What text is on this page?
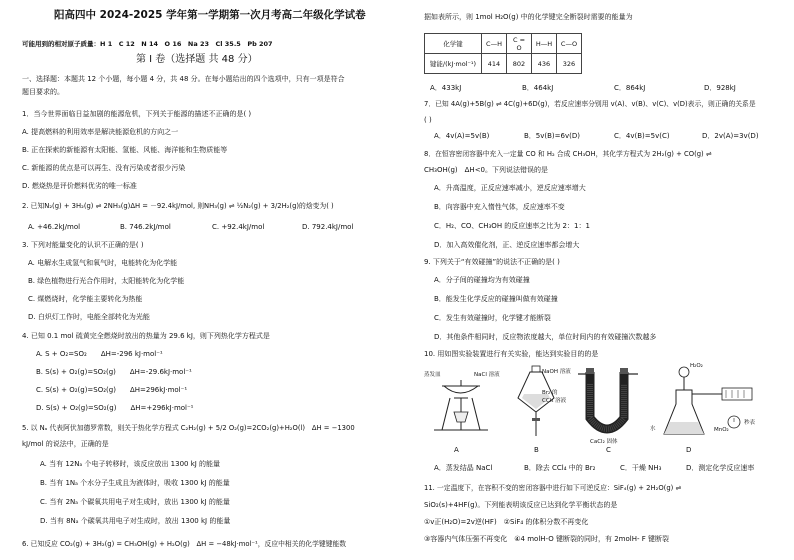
阳高四中 2024-2025 学年第一学期第一次月考高二年级化学试卷
可能用到的相对原子质量：H 1　C 12　N 14　O 16　Na 23　Cl 35.5　Pb 207
第 Ⅰ 卷（选择题 共 48 分）
一、选择题：本题共 12 个小题，每小题 4 分，共 48 分。在每小题给出的四个选项中，只有一项是符合
题目要求的。
1．当今世界面临日益加剧的能源危机，下列关于能源的描述不正确的是( )
A. 提高燃料的利用效率是解决能源危机的方向之一
B. 正在探索的新能源有太阳能、氢能、风能、海洋能和生物质能等
C. 新能源的优点是可以再生、没有污染或者很少污染
D. 燃烧热是评价燃料优劣的唯一标准
2. 已知N₂(g) + 3H₂(g) ⇌ 2NH₃(g)ΔH = －92.4kJ/mol, 则NH₃(g) ⇌ ½N₂(g) + 3/2H₂(g)的焓变为( )
A. +46.2kJ/mol	B. 746.2kJ/mol	C. +92.4kJ/mol	D. 792.4kJ/mol
3. 下列对能量变化的认识不正确的是( )
A. 电解水生成氢气和氧气时，电能转化为化学能
B. 绿色植物进行光合作用时，太阳能转化为化学能
C. 煤燃烧时，化学能主要转化为热能
D. 白炽灯工作时，电能全部转化为光能
4. 已知 0.1 mol 硫黄完全燃烧时放出的热量为 29.6 kJ，则下列热化学方程式是
A. S + O₂=SO₂　　ΔH=-296 kJ·mol⁻¹
B. S(s) + O₂(g)=SO₂(g)　　ΔH=-29.6kJ·mol⁻¹
C. S(s) + O₂(g)=SO₂(g)　　ΔH=296kJ·mol⁻¹
D. S(s) + O₂(g)=SO₂(g)　　ΔH=+296kJ·mol⁻¹
5. 以 Nₐ 代表阿伏加德罗常数，则关于热化学方程式 C₂H₂(g) + 5/2 O₂(g)=2CO₂(g)+H₂O(l)　ΔH = −1300
kJ/mol 的说法中，正确的是
A. 当有 12Nₐ 个电子转移时，该反应放出 1300 kJ 的能量
B. 当有 1Nₐ 个水分子生成且为液体时，吸收 1300 kJ 的能量
C. 当有 2Nₐ 个碳氧共用电子对生成时，放出 1300 kJ 的能量
D. 当有 8Nₐ 个碳氧共用电子对生成时，放出 1300 kJ 的能量
6. 已知反应 CO₂(g) + 3H₂(g) = CH₃OH(g) + H₂O(g)　ΔH = −48kJ·mol⁻¹，反应中相关的化学键键能数
据如表所示，则 1mol H₂O(g) 中的化学键完全断裂时需要的能量为
化学键	C—H	C = O	H—H	C—O
键能/(kJ·mol⁻¹)	414	802	436	326
A．433kJ	B．464kJ	C．864kJ	D．928kJ
7．已知 4A(g)+5B(g) ⇌ 4C(g)+6D(g)，若反应速率分别用 v(A)、v(B)、v(C)、v(D)表示，则正确的关系是
( )
A．4v(A)=5v(B)	B．5v(B)=6v(D)	C．4v(B)=5v(C)	D．2v(A)=3v(D)
8．在恒容密闭容器中充入一定量 CO 和 H₂ 合成 CH₃OH，其化学方程式为 2H₂(g) + CO(g) ⇌
CH₃OH(g)　ΔH<0。下列说法错误的是
A．升高温度，正反应速率减小，逆反应速率增大
B．向容器中充入惰性气体，反应速率不变
C．H₂、CO、CH₃OH 的反应速率之比为 2：1：1
D．加入高效催化剂，正、逆反应速率都会增大
9. 下列关于“有效碰撞”的说法不正确的是( )
A．分子间的碰撞均为有效碰撞
B．能发生化学反应的碰撞叫做有效碰撞
C．发生有效碰撞时，化学键才能断裂
D．其他条件相同时，反应物浓度越大，单位时间内的有效碰撞次数越多
10. 用如图实验装置进行有关实验，能达到实验目的的是
蒸发皿	NaCl 溶液	NaOH 溶液
Br₂ 的
CCl₄ 溶液
CaCl₂ 固体
H₂O₂
水	MnO₂
秒表
A	B	C	D
A．蒸发结晶 NaCl	B．除去 CCl₄ 中的 Br₂	C．干燥 NH₃	D．测定化学反应速率
11. 一定温度下，在容积不变的密闭容器中进行如下可逆反应：SiF₄(g) + 2H₂O(g) ⇌
SiO₂(s)+4HF(g)。下列能表明该反应已达到化学平衡状态的是
①v正(H₂O)=2v逆(HF)　②SiF₄ 的体积分数不再变化
③容器内气体压强不再变化　④4 molH-O 键断裂的同时，有 2molH- F 键断裂
